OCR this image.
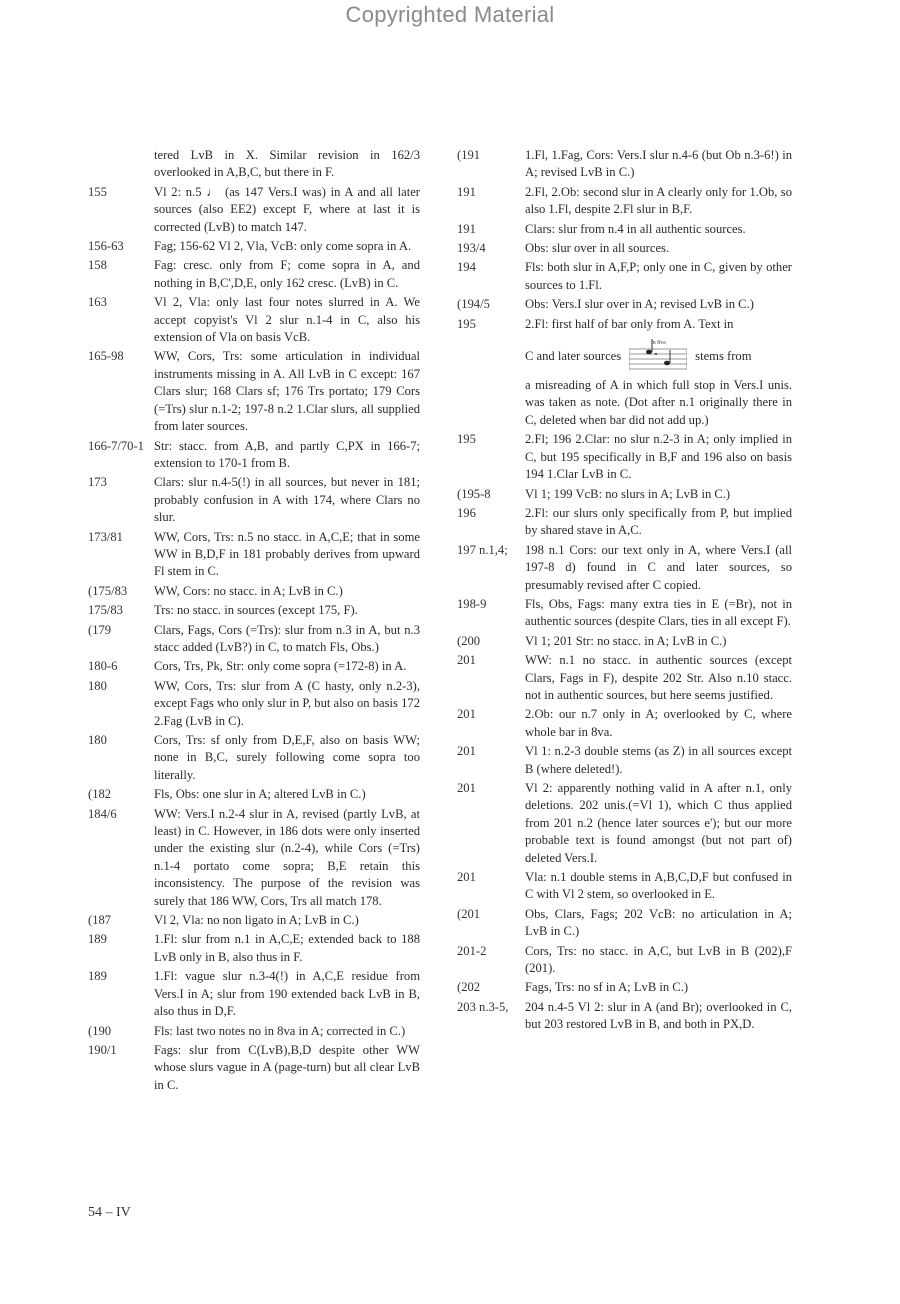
Copyrighted Material
tered LvB in X. Similar revision in 162/3 overlooked in A,B,C, but there in F.
155	Vl 2: n.5 ♩ (as 147 Vers.I was) in A and all later sources (also EE2) except F, where at last it is corrected (LvB) to match 147.
156-63	Fag; 156-62 Vl 2, Vla, VcB: only come sopra in A.
158	Fag: cresc. only from F; come sopra in A, and nothing in B,C',D,E, only 162 cresc. (LvB) in C.
163	Vl 2, Vla: only last four notes slurred in A. We accept copyist's Vl 2 slur n.1-4 in C, also his extension of Vla on basis VcB.
165-98	WW, Cors, Trs: some articulation in individual instruments missing in A. All LvB in C except: 167 Clars slur; 168 Clars sf; 176 Trs portato; 179 Cors (=Trs) slur n.1-2; 197-8 n.2 1.Clar slurs, all supplied from later sources.
166-7/70-1 Str: stacc. from A,B, and partly C,PX in 166-7; extension to 170-1 from B.
173	Clars: slur n.4-5(!) in all sources, but never in 181; probably confusion in A with 174, where Clars no slur.
173/81	WW, Cors, Trs: n.5 no stacc. in A,C,E; that in some WW in B,D,F in 181 probably derives from upward Fl stem in C.
(175/83	WW, Cors: no stacc. in A; LvB in C.)
175/83	Trs: no stacc. in sources (except 175, F).
(179	Clars, Fags, Cors (=Trs): slur from n.3 in A, but n.3 stacc added (LvB?) in C, to match Fls, Obs.)
180-6	Cors, Trs, Pk, Str: only come sopra (=172-8) in A.
180	WW, Cors, Trs: slur from A (C hasty, only n.2-3), except Fags who only slur in P, but also on basis 172 2.Fag (LvB in C).
180	Cors, Trs: sf only from D,E,F, also on basis WW; none in B,C, surely following come sopra too literally.
(182	Fls, Obs: one slur in A; altered LvB in C.)
184/6	WW: Vers.I n.2-4 slur in A, revised (partly LvB, at least) in C. However, in 186 dots were only inserted under the existing slur (n.2-4), while Cors (=Trs) n.1-4 portato come sopra; B,E retain this inconsistency. The purpose of the revision was surely that 186 WW, Cors, Trs all match 178.
(187	Vl 2, Vla: no non ligato in A; LvB in C.)
189	1.Fl: slur from n.1 in A,C,E; extended back to 188 LvB only in B, also thus in F.
189	1.Fl: vague slur n.3-4(!) in A,C,E residue from Vers.I in A; slur from 190 extended back LvB in B, also thus in D,F.
(190	Fls: last two notes no in 8va in A; corrected in C.)
190/1	Fags: slur from C(LvB),B,D despite other WW whose slurs vague in A (page-turn) but all clear LvB in C.
(191	1.Fl, 1.Fag, Cors: Vers.I slur n.4-6 (but Ob n.3-6!) in A; revised LvB in C.)
191	2.Fl, 2.Ob: second slur in A clearly only for 1.Ob, so also 1.Fl, despite 2.Fl slur in B,F.
191	Clars: slur from n.4 in all authentic sources.
193/4	Obs: slur over in all sources.
194	Fls: both slur in A,F,P; only one in C, given by other sources to 1.Fl.
(194/5	Obs: Vers.I slur over in A; revised LvB in C.)
195	2.Fl: first half of bar only from A. Text in
C and later sources
in 8va
stems from
a misreading of A in which full stop in Vers.I unis. was taken as note. (Dot after n.1 originally there in C, deleted when bar did not add up.)
195	2.Fl; 196 2.Clar: no slur n.2-3 in A; only implied in C, but 195 specifically in B,F and 196 also on basis 194 1.Clar LvB in C.
(195-8	Vl 1; 199 VcB: no slurs in A; LvB in C.)
196	2.Fl: our slurs only specifically from P, but implied by shared stave in A,C.
197 n.1,4;	198 n.1 Cors: our text only in A, where Vers.I (all 197-8 d) found in C and later sources, so presumably revised after C copied.
198-9	Fls, Obs, Fags: many extra ties in E (=Br), not in authentic sources (despite Clars, ties in all except F).
(200	Vl 1; 201 Str: no stacc. in A; LvB in C.)
201	WW: n.1 no stacc. in authentic sources (except Clars, Fags in F), despite 202 Str. Also n.10 stacc. not in authentic sources, but here seems justified.
201	2.Ob: our n.7 only in A; overlooked by C, where whole bar in 8va.
201	Vl 1: n.2-3 double stems (as Z) in all sources except B (where deleted!).
201	Vl 2: apparently nothing valid in A after n.1, only deletions. 202 unis.(=Vl 1), which C thus applied from 201 n.2 (hence later sources e'); but our more probable text is found amongst (but not part of) deleted Vers.I.
201	Vla: n.1 double stems in A,B,C,D,F but confused in C with Vl 2 stem, so overlooked in E.
(201	Obs, Clars, Fags; 202 VcB: no articulation in A; LvB in C.)
201-2	Cors, Trs: no stacc. in A,C, but LvB in B (202),F (201).
(202	Fags, Trs: no sf in A; LvB in C.)
203 n.3-5,	204 n.4-5 Vl 2: slur in A (and Br); overlooked in C, but 203 restored LvB in B, and both in PX,D.
54 – IV
